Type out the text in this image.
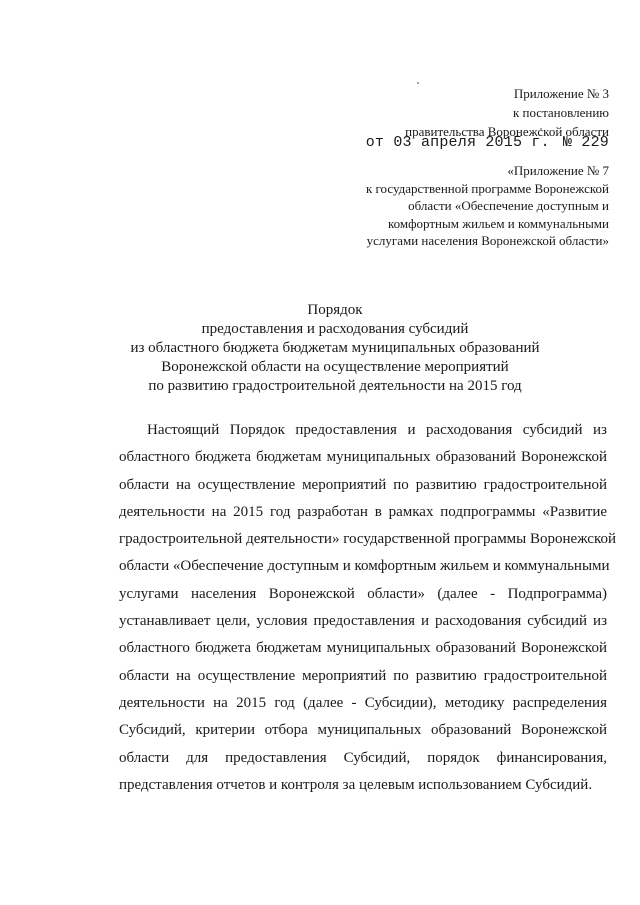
Приложение № 3
к постановлению
правительства Воронежской области
от 03 апреля 2015 г. № 229
«Приложение № 7
к государственной программе Воронежской
области «Обеспечение доступным и
комфортным жильем и коммунальными
услугами населения Воронежской области»
Порядок
предоставления и расходования субсидий
из областного бюджета бюджетам муниципальных образований
Воронежской области на осуществление мероприятий
по развитию градостроительной деятельности на 2015 год
Настоящий Порядок предоставления и расходования субсидий из
областного бюджета бюджетам муниципальных образований Воронежской
области на осуществление мероприятий по развитию градостроительной
деятельности на 2015 год разработан в рамках подпрограммы «Развитие
градостроительной деятельности» государственной программы Воронежской
области «Обеспечение доступным и комфортным жильем и коммунальными
услугами населения Воронежской области» (далее - Подпрограмма)
устанавливает цели, условия предоставления и расходования субсидий из
областного бюджета бюджетам муниципальных образований Воронежской
области на осуществление мероприятий по развитию градостроительной
деятельности на 2015 год (далее - Субсидии), методику распределения
Субсидий, критерии отбора муниципальных образований Воронежской
области для предоставления Субсидий, порядок финансирования,
представления отчетов и контроля за целевым использованием Субсидий.
